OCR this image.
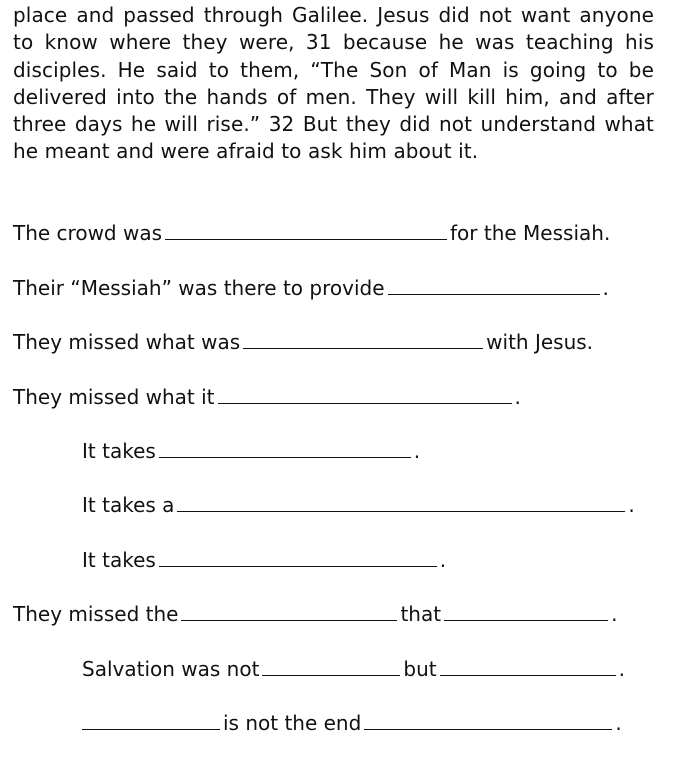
place and passed through Galilee. Jesus did not want anyone to know where they were, 31 because he was teaching his disciples. He said to them, “The Son of Man is going to be delivered into the hands of men. They will kill him, and after three days he will rise.” 32 But they did not understand what he meant and were afraid to ask him about it.

The crowd was	for the Messiah.
Their “Messiah” was there to provide	.
They missed what was	with Jesus.
They missed what it	.
It takes	.
It takes a	.
It takes	.
They missed the	that	.
Salvation was not	but	.
is not the end	.
